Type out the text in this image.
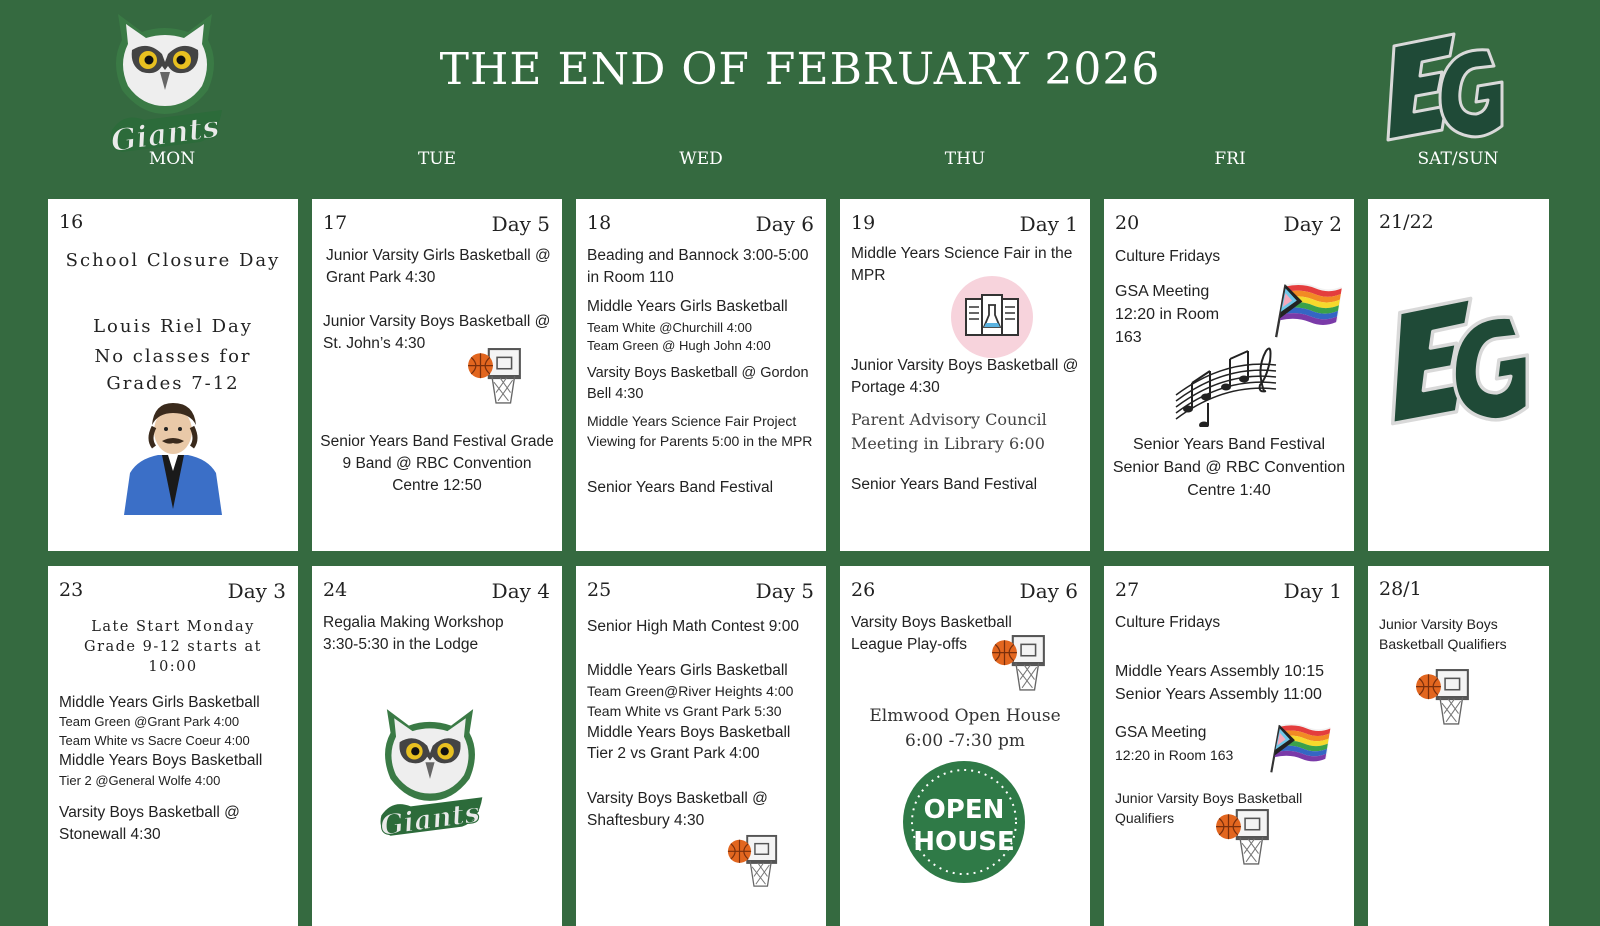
THE END OF FEBRUARY 2026
MON	TUE	WED	THU	FRI	SAT/SUN
16
School Closure Day
Louis Riel Day
No classes for Grades 7-12
17	Day 5
Junior Varsity Girls Basketball @ Grant Park 4:30
Junior Varsity Boys Basketball @ St. John’s 4:30
Senior Years Band Festival Grade 9 Band @ RBC Convention Centre 12:50
18	Day 6
Beading and Bannock 3:00-5:00 in Room 110
Middle Years Girls Basketball
Team White @Churchill 4:00
Team Green @ Hugh John 4:00
Varsity Boys Basketball @ Gordon Bell 4:30
Middle Years Science Fair Project Viewing for Parents 5:00 in the MPR
Senior Years Band Festival
19	Day 1
Middle Years Science Fair in the MPR
Junior Varsity Boys Basketball @ Portage 4:30
Parent Advisory Council Meeting in Library 6:00
Senior Years Band Festival
20	Day 2
Culture Fridays
GSA Meeting 12:20 in Room 163
Senior Years Band Festival Senior Band @ RBC Convention Centre 1:40
21/22
23	Day 3
Late Start Monday
Grade 9-12 starts at 10:00
Middle Years Girls Basketball
Team Green @Grant Park 4:00
Team White vs Sacre Coeur 4:00
Middle Years Boys Basketball
Tier 2 @General Wolfe 4:00
Varsity Boys Basketball @ Stonewall 4:30
24	Day 4
Regalia Making Workshop 3:30-5:30 in the Lodge
25	Day 5
Senior High Math Contest 9:00
Middle Years Girls Basketball
Team Green@River Heights 4:00
Team White vs Grant Park 5:30
Middle Years Boys Basketball
Tier 2 vs Grant Park 4:00
Varsity Boys Basketball @ Shaftesbury 4:30
26	Day 6
Varsity Boys Basketball League Play-offs
Elmwood Open House
6:00 -7:30 pm
OPEN
HOUSE
27	Day 1
Culture Fridays
Middle Years Assembly 10:15
Senior Years Assembly 11:00
GSA Meeting
12:20 in Room 163
Junior Varsity Boys Basketball Qualifiers
28/1
Junior Varsity Boys Basketball Qualifiers
